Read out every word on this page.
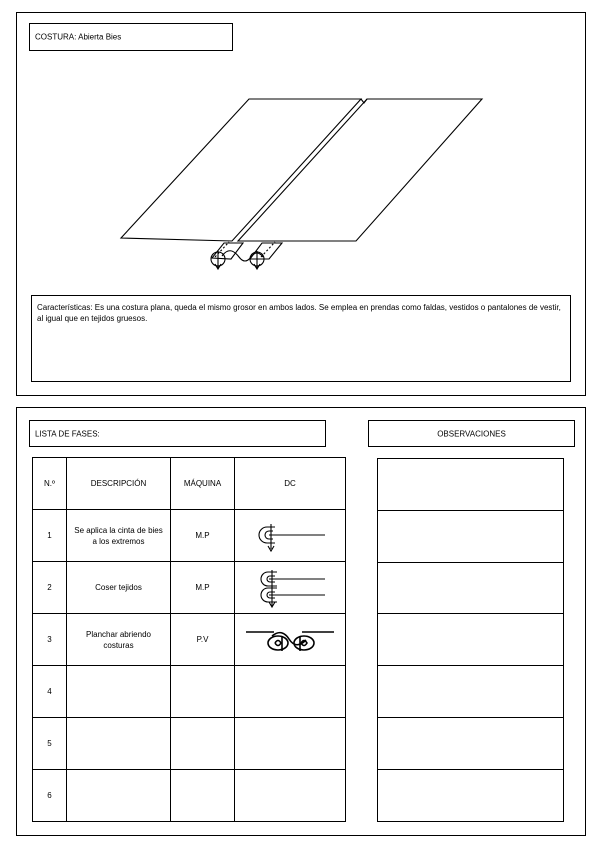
COSTURA: Abierta Bies
Características: Es una costura plana, queda el mismo grosor en ambos lados. Se emplea en prendas como faldas, vestidos o pantalones de vestir, al igual que en tejidos gruesos.
LISTA DE FASES:	OBSERVACIONES
N.º	DESCRIPCIÓN	MÁQUINA	DC
1	Se aplica la cinta de bies a los extremos	M.P	

2	Coser tejidos	M.P	

3	Planchar abriendo costuras	P.V	

4			
5			
6			
